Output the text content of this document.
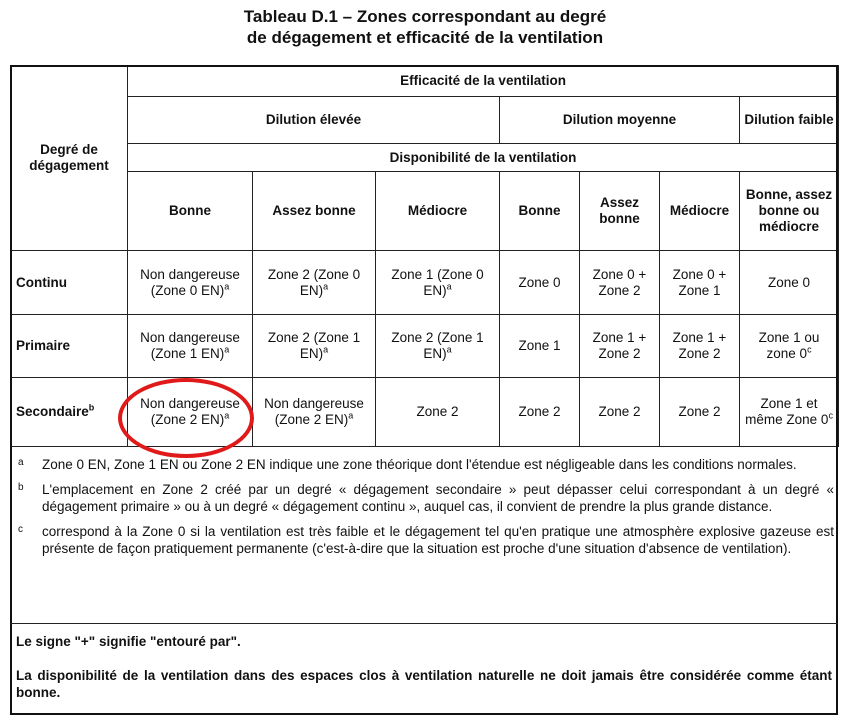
Tableau D.1 – Zones correspondant au degré
de dégagement et efficacité de la ventilation
Degré de dégagement	Efficacité de la ventilation						
	Dilution élevée			Dilution moyenne			Dilution faible
	Disponibilité de la ventilation						
	Bonne	Assez bonne	Médiocre	Bonne	Assez bonne	Médiocre	Bonne, assez bonne ou médiocre
Continu	Non dangereuse (Zone 0 EN)$^a$	Zone 2 (Zone 0 EN)$^a$	Zone 1 (Zone 0 EN)$^a$	Zone 0	Zone 0 + Zone 2	Zone 0 + Zone 1	Zone 0
Primaire	Non dangereuse (Zone 1 EN)$^a$	Zone 2 (Zone 1 EN)$^a$	Zone 2 (Zone 1 EN)$^a$	Zone 1	Zone 1 + Zone 2	Zone 1 + Zone 2	Zone 1 ou zone 0$^c$
Secondaire$^b$	Non dangereuse (Zone 2 EN)$^a$	Non dangereuse (Zone 2 EN)$^a$	Zone 2	Zone 2	Zone 2	Zone 2	Zone 1 et même Zone 0$^c$
a Zone 0 EN, Zone 1 EN ou Zone 2 EN indique une zone théorique dont l'étendue est négligeable dans les conditions normales.
b L'emplacement en Zone 2 créé par un degré « dégagement secondaire » peut dépasser celui correspondant à un degré « dégagement primaire » ou à un degré « dégagement continu », auquel cas, il convient de prendre la plus grande distance.
c correspond à la Zone 0 si la ventilation est très faible et le dégagement tel qu'en pratique une atmosphère explosive gazeuse est présente de façon pratiquement permanente (c'est-à-dire que la situation est proche d'une situation d'absence de ventilation).
Le signe "+" signifie "entouré par".
La disponibilité de la ventilation dans des espaces clos à ventilation naturelle ne doit jamais être considérée comme étant bonne.
